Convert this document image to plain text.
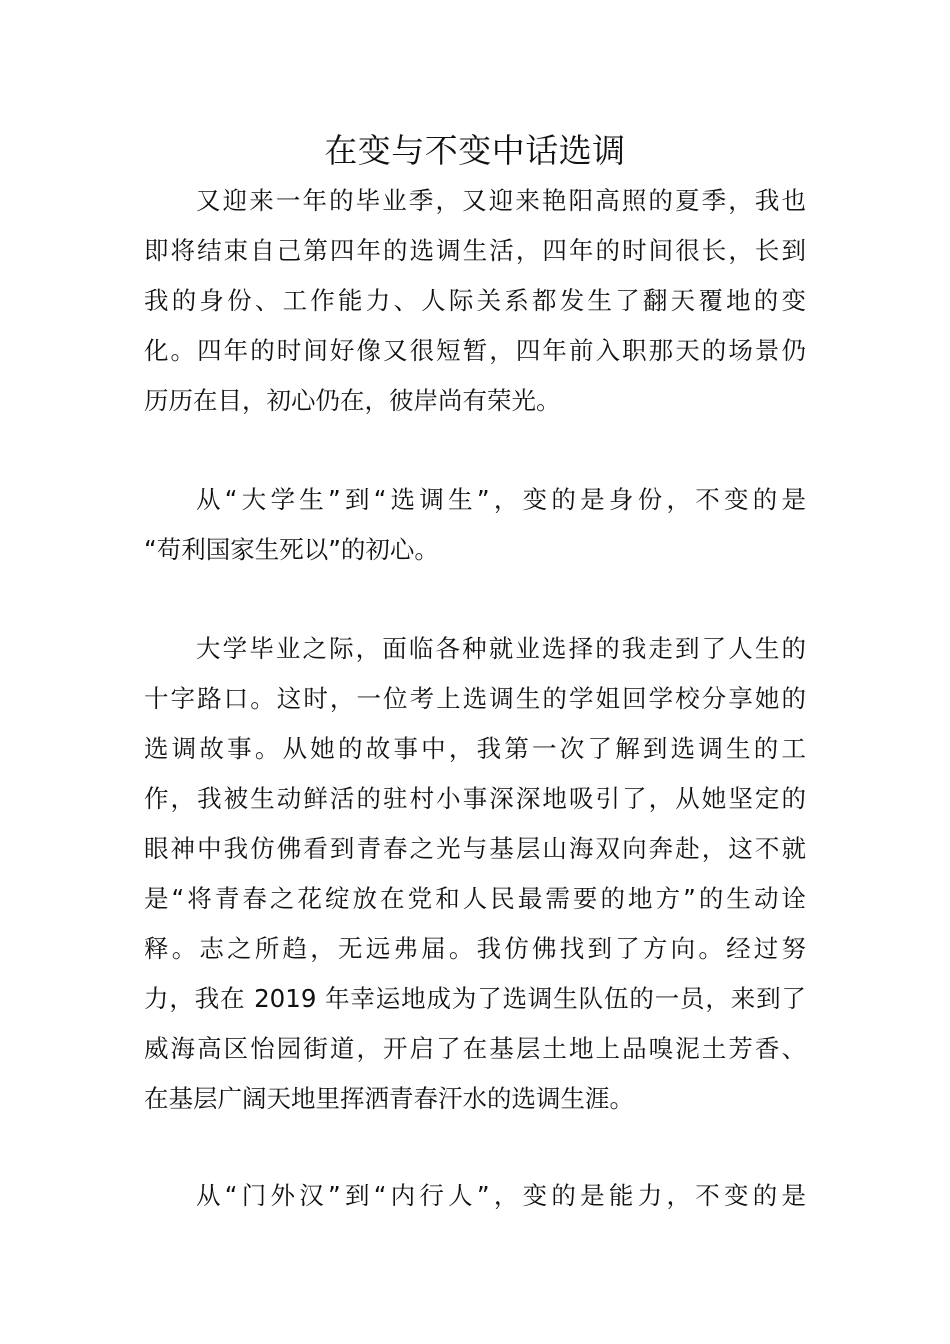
在变与不变中话选调
又迎来一年的毕业季，又迎来艳阳高照的夏季，我也
即将结束自己第四年的选调生活，四年的时间很长，长到
我的身份、工作能力、人际关系都发生了翻天覆地的变
化。四年的时间好像又很短暂，四年前入职那天的场景仍
历历在目，初心仍在，彼岸尚有荣光。
从“大学生”到“选调生”，变的是身份，不变的是
“苟利国家生死以”的初心。
大学毕业之际，面临各种就业选择的我走到了人生的
十字路口。这时，一位考上选调生的学姐回学校分享她的
选调故事。从她的故事中，我第一次了解到选调生的工
作，我被生动鲜活的驻村小事深深地吸引了，从她坚定的
眼神中我仿佛看到青春之光与基层山海双向奔赴，这不就
是“将青春之花绽放在党和人民最需要的地方”的生动诠
释。志之所趋，无远弗届。我仿佛找到了方向。经过努
力，我在 2019 年幸运地成为了选调生队伍的一员，来到了
威海高区怡园街道，开启了在基层土地上品嗅泥土芳香、
在基层广阔天地里挥洒青春汗水的选调生涯。
从“门外汉”到“内行人”，变的是能力，不变的是
